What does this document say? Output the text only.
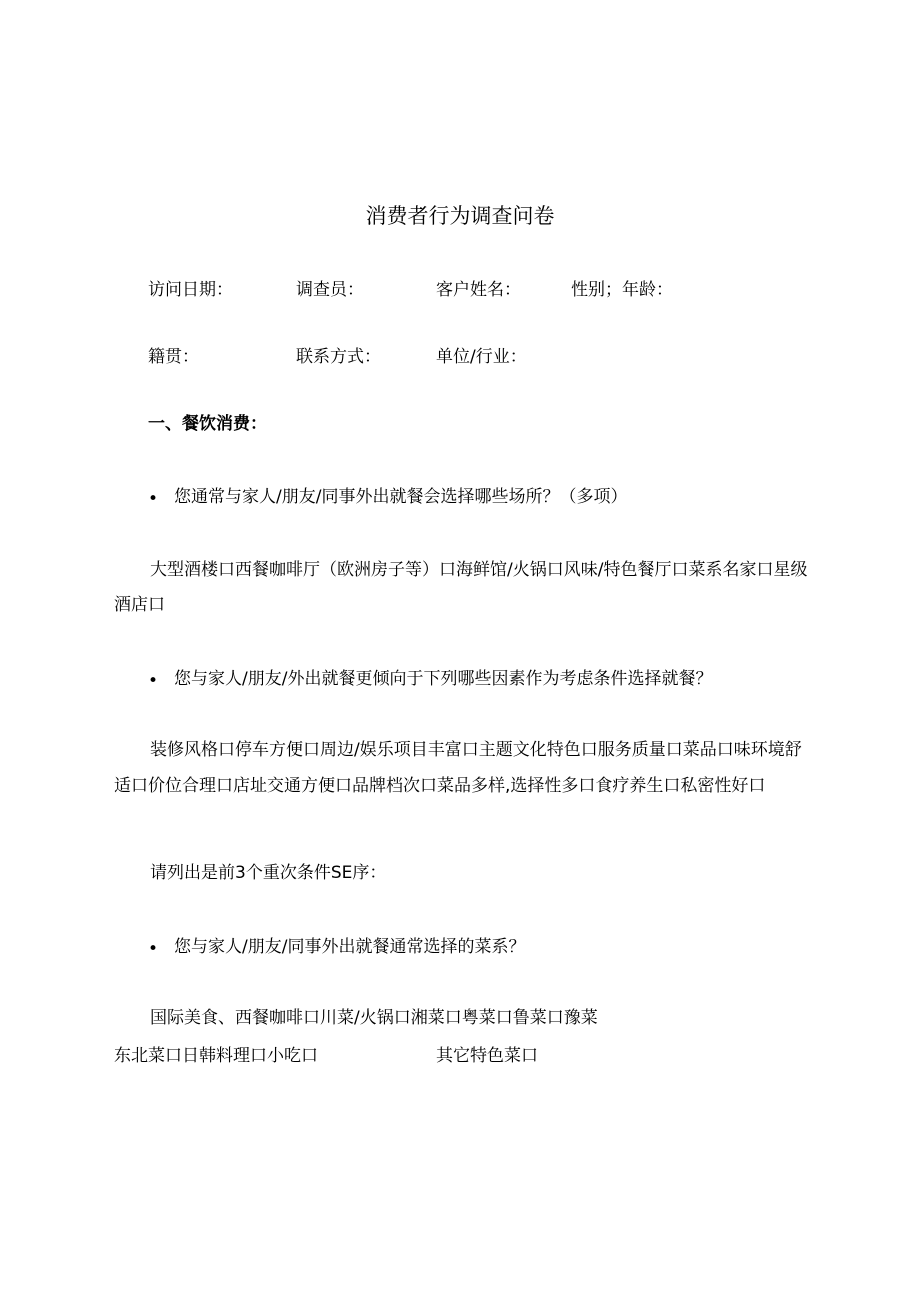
消费者行为调查问卷
访问日期：	调查员：	客户姓名：	性别；年龄：
籍贯：	联系方式：	单位/行业：
一、餐饮消费：
• 您通常与家人/朋友/同事外出就餐会选择哪些场所？（多项）
大型酒楼口西餐咖啡厅（欧洲房子等）口海鲜馆/火锅口风味/特色餐厅口菜系名家口星级
酒店口
• 您与家人/朋友/外出就餐更倾向于下列哪些因素作为考虑条件选择就餐？
装修风格口停车方便口周边/娱乐项目丰富口主题文化特色口服务质量口菜品口味环境舒
适口价位合理口店址交通方便口品牌档次口菜品多样,选择性多口食疗养生口私密性好口
请列出是前3个重次条件SE序：
• 您与家人/朋友/同事外出就餐通常选择的菜系？
国际美食、西餐咖啡口川菜/火锅口湘菜口粤菜口鲁菜口豫菜
东北菜口日韩料理口小吃口	其它特色菜口
